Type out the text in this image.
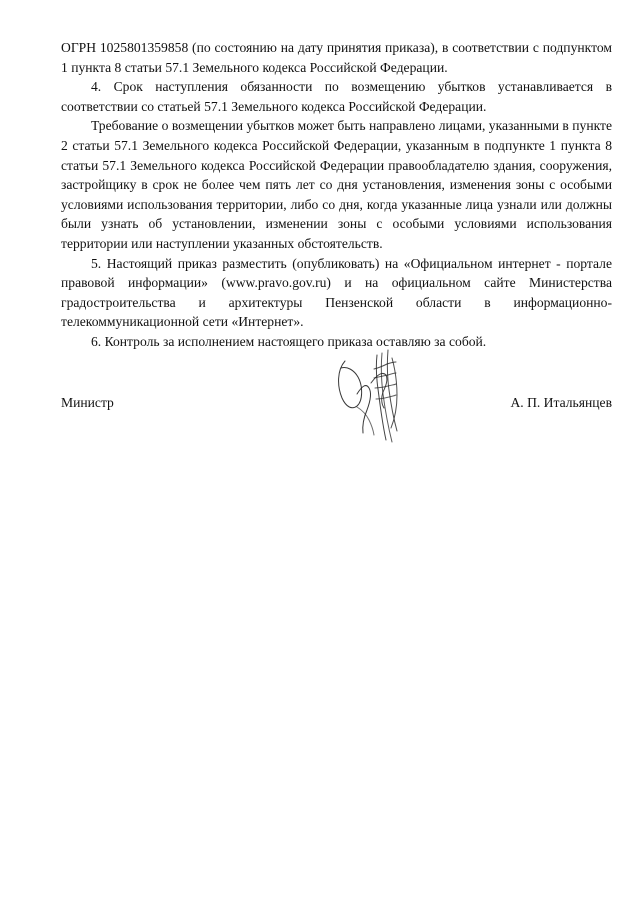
ОГРН 1025801359858 (по состоянию на дату принятия приказа), в соответствии с подпунктом 1 пункта 8 статьи 57.1 Земельного кодекса Российской Федерации.

4. Срок наступления обязанности по возмещению убытков устанавливается в соответствии со статьей 57.1 Земельного кодекса Российской Федерации.

Требование о возмещении убытков может быть направлено лицами, указанными в пункте 2 статьи 57.1 Земельного кодекса Российской Федерации, указанным в подпункте 1 пункта 8 статьи 57.1 Земельного кодекса Российской Федерации правообладателю здания, сооружения, застройщику в срок не более чем пять лет со дня установления, изменения зоны с особыми условиями использования территории, либо со дня, когда указанные лица узнали или должны были узнать об установлении, изменении зоны с особыми условиями использования территории или наступлении указанных обстоятельств.

5. Настоящий приказ разместить (опубликовать) на «Официальном интернет - портале правовой информации» (www.pravo.gov.ru) и на официальном сайте Министерства градостроительства и архитектуры Пензенской области в информационно-телекоммуникационной сети «Интернет».

6. Контроль за исполнением настоящего приказа оставляю за собой.

Министр	А. П. Итальянцев
